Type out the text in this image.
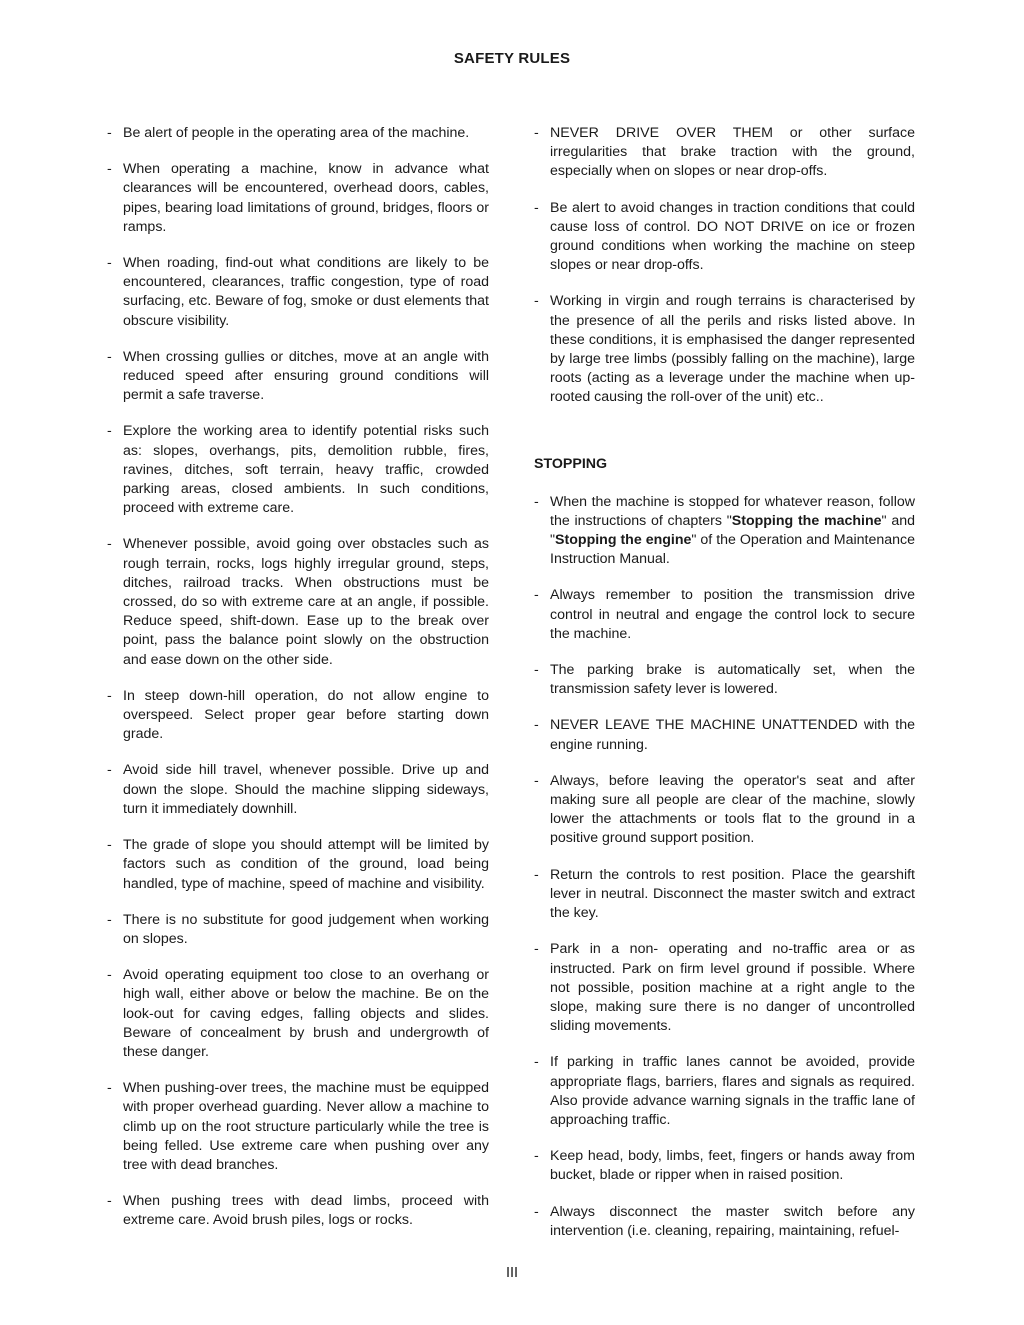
SAFETY RULES
- Be alert of people in the operating area of the machine.
- When operating a machine, know in advance what clearances will be encountered, overhead doors, cables, pipes, bearing load limitations of ground, bridges, floors or ramps.
- When roading, find-out what conditions are likely to be encountered, clearances, traffic congestion, type of road surfacing, etc. Beware of fog, smoke or dust elements that obscure visibility.
- When crossing gullies or ditches, move at an angle with reduced speed after ensuring ground conditions will permit a safe traverse.
- Explore the working area to identify potential risks such as: slopes, overhangs, pits, demolition rubble, fires, ravines, ditches, soft terrain, heavy traffic, crowded parking areas, closed ambients. In such conditions, proceed with extreme care.
- Whenever possible, avoid going over obstacles such as rough terrain, rocks, logs highly irregular ground, steps, ditches, railroad tracks. When obstructions must be crossed, do so with extreme care at an angle, if possible. Reduce speed, shift-down. Ease up to the break over point, pass the balance point slowly on the obstruction and ease down on the other side.
- In steep down-hill operation, do not allow engine to overspeed. Select proper gear before starting down grade.
- Avoid side hill travel, whenever possible. Drive up and down the slope. Should the machine slipping sideways, turn it immediately downhill.
- The grade of slope you should attempt will be limited by factors such as condition of the ground, load being handled, type of machine, speed of machine and visibility.
- There is no substitute for good judgement when working on slopes.
- Avoid operating equipment too close to an overhang or high wall, either above or below the machine. Be on the look-out for caving edges, falling objects and slides. Beware of concealment by brush and undergrowth of these danger.
- When pushing-over trees, the machine must be equipped with proper overhead guarding. Never allow a machine to climb up on the root structure particularly while the tree is being felled. Use extreme care when pushing over any tree with dead branches.
- When pushing trees with dead limbs, proceed with extreme care. Avoid brush piles, logs or rocks.
- NEVER DRIVE OVER THEM or other surface irregularities that brake traction with the ground, especially when on slopes or near drop-offs.
- Be alert to avoid changes in traction conditions that could cause loss of control. DO NOT DRIVE on ice or frozen ground conditions when working the machine on steep slopes or near drop-offs.
- Working in virgin and rough terrains is characterised by the presence of all the perils and risks listed above. In these conditions, it is emphasised the danger represented by large tree limbs (possibly falling on the machine), large roots (acting as a leverage under the machine when up-rooted causing the roll-over of the unit) etc..
STOPPING
- When the machine is stopped for whatever reason, follow the instructions of chapters "Stopping the machine" and "Stopping the engine" of the Operation and Maintenance Instruction Manual.
- Always remember to position the transmission drive control in neutral and engage the control lock to secure the machine.
- The parking brake is automatically set, when the transmission safety lever is lowered.
- NEVER LEAVE THE MACHINE UNATTENDED with the engine running.
- Always, before leaving the operator's seat and after making sure all people are clear of the machine, slowly lower the attachments or tools flat to the ground in a positive ground support position.
- Return the controls to rest position. Place the gearshift lever in neutral. Disconnect the master switch and extract the key.
- Park in a non- operating and no-traffic area or as instructed. Park on firm level ground if possible. Where not possible, position machine at a right angle to the slope, making sure there is no danger of uncontrolled sliding movements.
- If parking in traffic lanes cannot be avoided, provide appropriate flags, barriers, flares and signals as required. Also provide advance warning signals in the traffic lane of approaching traffic.
- Keep head, body, limbs, feet, fingers or hands away from bucket, blade or ripper when in raised position.
- Always disconnect the master switch before any intervention (i.e. cleaning, repairing, maintaining, refuel-
III
